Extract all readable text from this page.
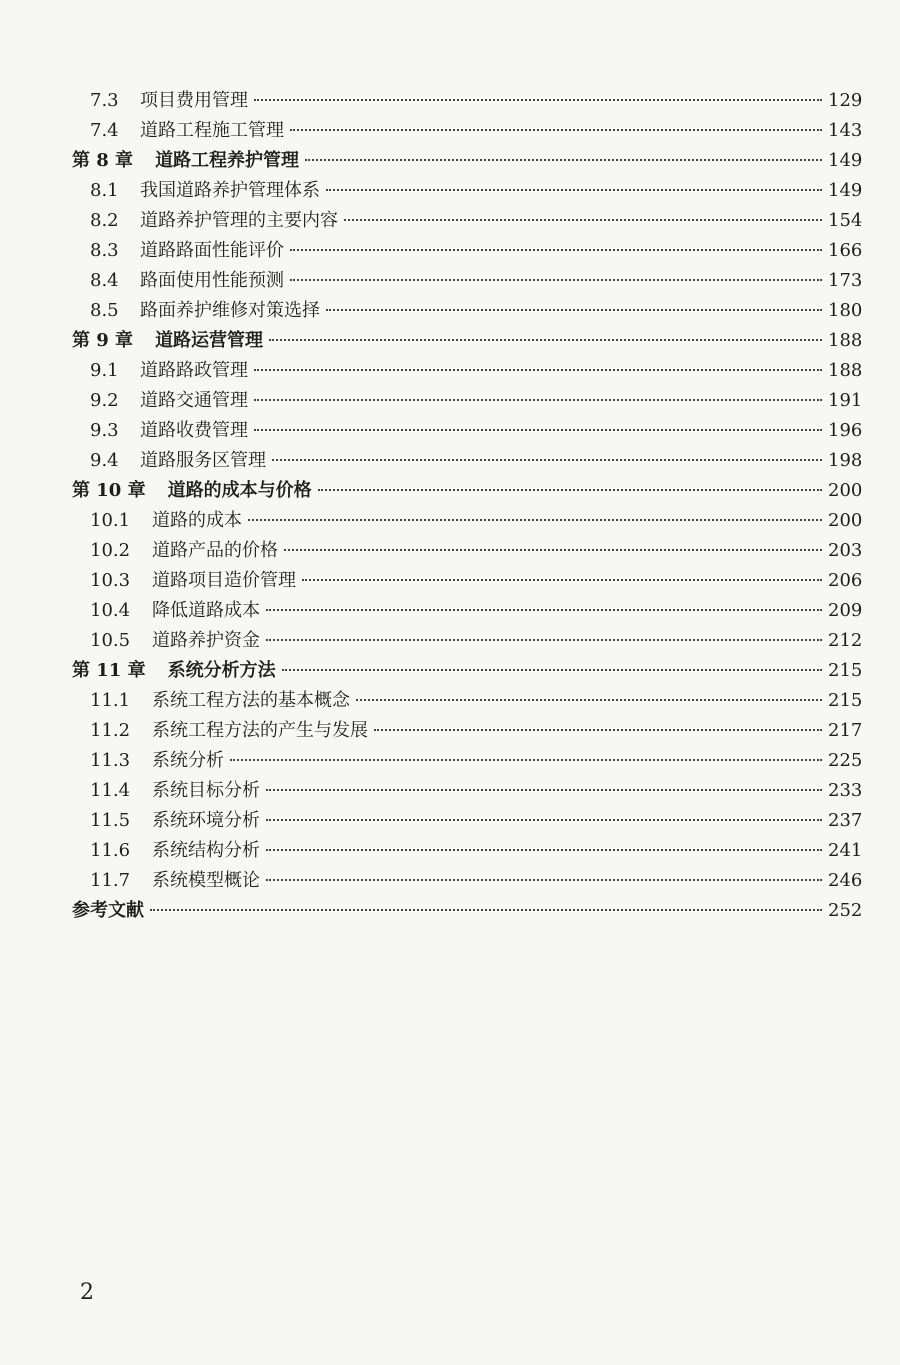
7.3	项目费用管理	129
7.4	道路工程施工管理	143
第 8 章 道路工程养护管理	149
8.1	我国道路养护管理体系	149
8.2	道路养护管理的主要内容	154
8.3	道路路面性能评价	166
8.4	路面使用性能预测	173
8.5	路面养护维修对策选择	180
第 9 章 道路运营管理	188
9.1	道路路政管理	188
9.2	道路交通管理	191
9.3	道路收费管理	196
9.4	道路服务区管理	198
第 10 章 道路的成本与价格	200
10.1	道路的成本	200
10.2	道路产品的价格	203
10.3	道路项目造价管理	206
10.4	降低道路成本	209
10.5	道路养护资金	212
第 11 章 系统分析方法	215
11.1	系统工程方法的基本概念	215
11.2	系统工程方法的产生与发展	217
11.3	系统分析	225
11.4	系统目标分析	233
11.5	系统环境分析	237
11.6	系统结构分析	241
11.7	系统模型概论	246
参考文献	252
2
